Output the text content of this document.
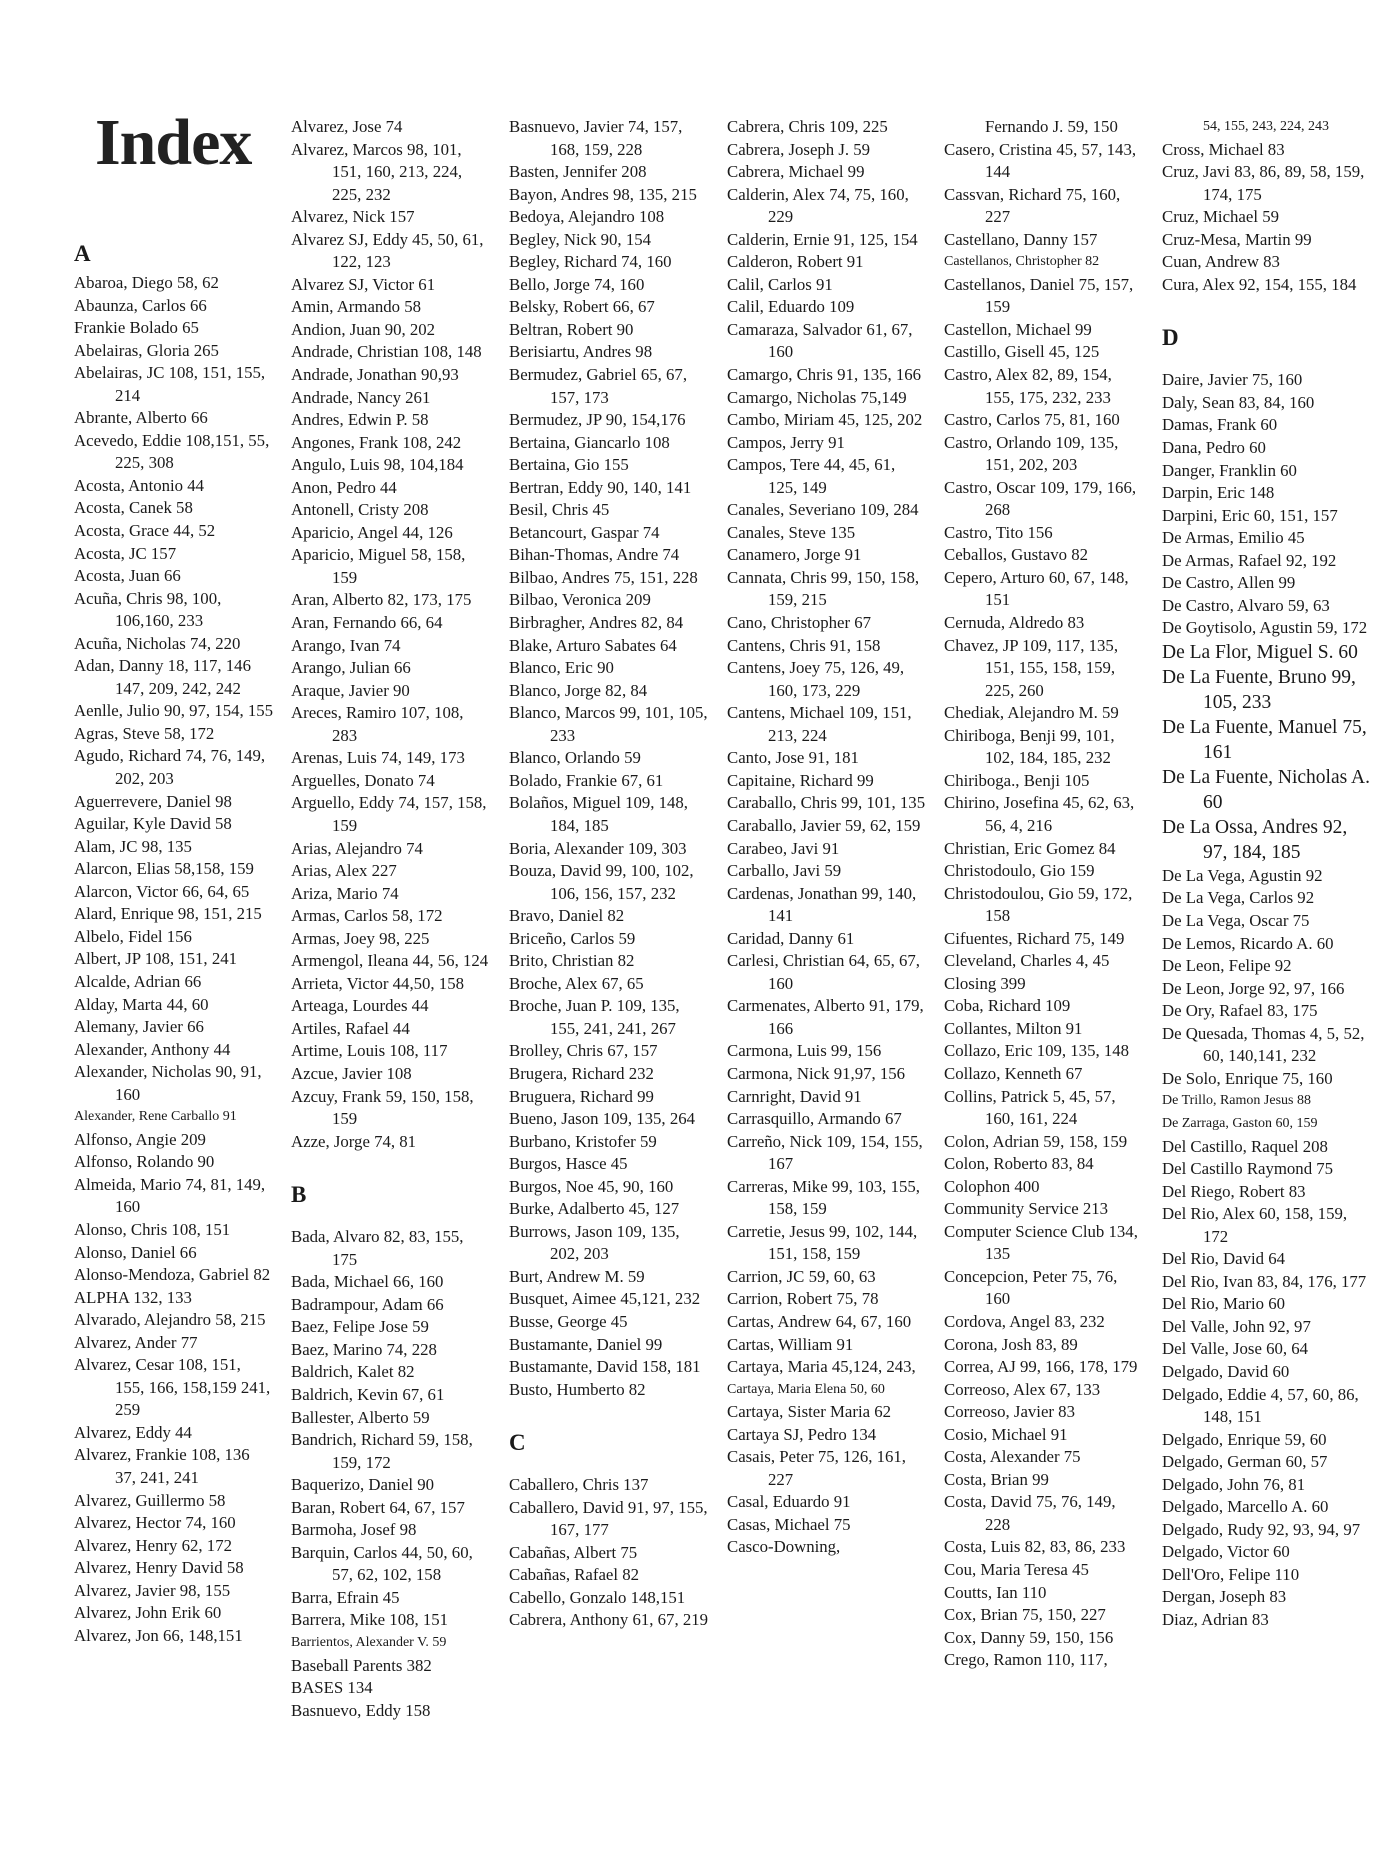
Index
A
Abaroa, Diego 58, 62
Abaunza, Carlos 66
Frankie Bolado 65
Abelairas, Gloria 265
Abelairas, JC 108, 151, 155, 214
Abrante, Alberto 66
Acevedo, Eddie 108,151, 55, 225, 308
Acosta, Antonio 44
Acosta, Canek 58
Acosta, Grace 44, 52
Acosta, JC 157
Acosta, Juan 66
Acuña, Chris 98, 100, 106,160, 233
Acuña, Nicholas 74, 220
Adan, Danny 18, 117, 146 147, 209, 242, 242
Aenlle, Julio 90, 97, 154, 155
Agras, Steve 58, 172
Agudo, Richard 74, 76, 149, 202, 203
Aguerrevere, Daniel 98
Aguilar, Kyle David 58
Alam, JC 98, 135
Alarcon, Elias 58,158, 159
Alarcon, Victor 66, 64, 65
Alard, Enrique 98, 151, 215
Albelo, Fidel 156
Albert, JP 108, 151, 241
Alcalde, Adrian 66
Alday, Marta 44, 60
Alemany, Javier 66
Alexander, Anthony 44
Alexander, Nicholas 90, 91, 160
Alexander, Rene Carballo 91
Alfonso, Angie 209
Alfonso, Rolando 90
Almeida, Mario 74, 81, 149, 160
Alonso, Chris 108, 151
Alonso, Daniel 66
Alonso-Mendoza, Gabriel 82
ALPHA 132, 133
Alvarado, Alejandro 58, 215
Alvarez, Ander 77
Alvarez, Cesar 108, 151, 155, 166, 158,159 241, 259
Alvarez, Eddy 44
Alvarez, Frankie 108, 136 37, 241, 241
Alvarez, Guillermo 58
Alvarez, Hector 74, 160
Alvarez, Henry 62, 172
Alvarez, Henry David 58
Alvarez, Javier 98, 155
Alvarez, John Erik 60
Alvarez, Jon 66, 148,151
Alvarez, Jose 74
Alvarez, Marcos 98, 101, 151, 160, 213, 224, 225, 232
Alvarez, Nick 157
Alvarez SJ, Eddy 45, 50, 61, 122, 123
Alvarez SJ, Victor 61
Amin, Armando 58
Andion, Juan 90, 202
Andrade, Christian 108, 148
Andrade, Jonathan 90,93
Andrade, Nancy 261
Andres, Edwin P. 58
Angones, Frank 108, 242
Angulo, Luis 98, 104,184
Anon, Pedro 44
Antonell, Cristy 208
Aparicio, Angel 44, 126
Aparicio, Miguel 58, 158, 159
Aran, Alberto 82, 173, 175
Aran, Fernando 66, 64
Arango, Ivan 74
Arango, Julian 66
Araque, Javier 90
Areces, Ramiro 107, 108, 283
Arenas, Luis 74, 149, 173
Arguelles, Donato 74
Arguello, Eddy 74, 157, 158, 159
Arias, Alejandro 74
Arias, Alex 227
Ariza, Mario 74
Armas, Carlos 58, 172
Armas, Joey 98, 225
Armengol, Ileana 44, 56, 124
Arrieta, Victor 44,50, 158
Arteaga, Lourdes 44
Artiles, Rafael 44
Artime, Louis 108, 117
Azcue, Javier 108
Azcuy, Frank 59, 150, 158, 159
Azze, Jorge 74, 81
B
Bada, Alvaro 82, 83, 155, 175
Bada, Michael 66, 160
Badrampour, Adam 66
Baez, Felipe Jose 59
Baez, Marino 74, 228
Baldrich, Kalet 82
Baldrich, Kevin 67, 61
Ballester, Alberto 59
Bandrich, Richard 59, 158, 159, 172
Baquerizo, Daniel 90
Baran, Robert 64, 67, 157
Barmoha, Josef 98
Barquin, Carlos 44, 50, 60, 57, 62, 102, 158
Barra, Efrain 45
Barrera, Mike 108, 151
Barrientos, Alexander V. 59
Baseball Parents 382
BASES 134
Basnuevo, Eddy 158
Basnuevo, Javier 74, 157, 168, 159, 228
Basten, Jennifer 208
Bayon, Andres 98, 135, 215
Bedoya, Alejandro 108
Begley, Nick 90, 154
Begley, Richard 74, 160
Bello, Jorge 74, 160
Belsky, Robert 66, 67
Beltran, Robert 90
Berisiartu, Andres 98
Bermudez, Gabriel 65, 67, 157, 173
Bermudez, JP 90, 154,176
Bertaina, Giancarlo 108
Bertaina, Gio 155
Bertran, Eddy 90, 140, 141
Besil, Chris 45
Betancourt, Gaspar 74
Bihan-Thomas, Andre 74
Bilbao, Andres 75, 151, 228
Bilbao, Veronica 209
Birbragher, Andres 82, 84
Blake, Arturo Sabates 64
Blanco, Eric 90
Blanco, Jorge 82, 84
Blanco, Marcos 99, 101, 105, 233
Blanco, Orlando 59
Bolado, Frankie 67, 61
Bolaños, Miguel 109, 148, 184, 185
Boria, Alexander 109, 303
Bouza, David 99, 100, 102, 106, 156, 157, 232
Bravo, Daniel 82
Briceño, Carlos 59
Brito, Christian 82
Broche, Alex 67, 65
Broche, Juan P. 109, 135, 155, 241, 241, 267
Brolley, Chris 67, 157
Brugera, Richard 232
Bruguera, Richard 99
Bueno, Jason 109, 135, 264
Burbano, Kristofer 59
Burgos, Hasce 45
Burgos, Noe 45, 90, 160
Burke, Adalberto 45, 127
Burrows, Jason 109, 135, 202, 203
Burt, Andrew M. 59
Busquet, Aimee 45,121, 232
Busse, George 45
Bustamante, Daniel 99
Bustamante, David 158, 181
Busto, Humberto 82
C
Caballero, Chris 137
Caballero, David 91, 97, 155, 167, 177
Cabañas, Albert 75
Cabañas, Rafael 82
Cabello, Gonzalo 148,151
Cabrera, Anthony 61, 67, 219
Cabrera, Chris 109, 225
Cabrera, Joseph J. 59
Cabrera, Michael 99
Calderin, Alex 74, 75, 160, 229
Calderin, Ernie 91, 125, 154
Calderon, Robert 91
Calil, Carlos 91
Calil, Eduardo 109
Camaraza, Salvador 61, 67, 160
Camargo, Chris 91, 135, 166
Camargo, Nicholas 75,149
Cambo, Miriam 45, 125, 202
Campos, Jerry 91
Campos, Tere 44, 45, 61, 125, 149
Canales, Severiano 109, 284
Canales, Steve 135
Canamero, Jorge 91
Cannata, Chris 99, 150, 158, 159, 215
Cano, Christopher 67
Cantens, Chris 91, 158
Cantens, Joey 75, 126, 49, 160, 173, 229
Cantens, Michael 109, 151, 213, 224
Canto, Jose 91, 181
Capitaine, Richard 99
Caraballo, Chris 99, 101, 135
Caraballo, Javier 59, 62, 159
Carabeo, Javi 91
Carballo, Javi 59
Cardenas, Jonathan 99, 140, 141
Caridad, Danny 61
Carlesi, Christian 64, 65, 67, 160
Carmenates, Alberto 91, 179, 166
Carmona, Luis 99, 156
Carmona, Nick 91,97, 156
Carnright, David 91
Carrasquillo, Armando 67
Carreño, Nick 109, 154, 155, 167
Carreras, Mike 99, 103, 155, 158, 159
Carretie, Jesus 99, 102, 144, 151, 158, 159
Carrion, JC 59, 60, 63
Carrion, Robert 75, 78
Cartas, Andrew 64, 67, 160
Cartas, William 91
Cartaya, Maria 45,124, 243,
Cartaya, Maria Elena 50, 60
Cartaya, Sister Maria 62
Cartaya SJ, Pedro 134
Casais, Peter 75, 126, 161, 227
Casal, Eduardo 91
Casas, Michael 75
Casco-Downing,
Fernando J. 59, 150
Casero, Cristina 45, 57, 143, 144
Cassvan, Richard 75, 160, 227
Castellano, Danny 157
Castellanos, Christopher 82
Castellanos, Daniel 75, 157, 159
Castellon, Michael 99
Castillo, Gisell 45, 125
Castro, Alex 82, 89, 154, 155, 175, 232, 233
Castro, Carlos 75, 81, 160
Castro, Orlando 109, 135, 151, 202, 203
Castro, Oscar 109, 179, 166, 268
Castro, Tito 156
Ceballos, Gustavo 82
Cepero, Arturo 60, 67, 148, 151
Cernuda, Aldredo 83
Chavez, JP 109, 117, 135, 151, 155, 158, 159, 225, 260
Chediak, Alejandro M. 59
Chiriboga, Benji 99, 101, 102, 184, 185, 232
Chiriboga., Benji 105
Chirino, Josefina 45, 62, 63, 56, 4, 216
Christian, Eric Gomez 84
Christodoulo, Gio 159
Christodoulou, Gio 59, 172, 158
Cifuentes, Richard 75, 149
Cleveland, Charles 4, 45
Closing 399
Coba, Richard 109
Collantes, Milton 91
Collazo, Eric 109, 135, 148
Collazo, Kenneth 67
Collins, Patrick 5, 45, 57, 160, 161, 224
Colon, Adrian 59, 158, 159
Colon, Roberto 83, 84
Colophon 400
Community Service 213
Computer Science Club 134, 135
Concepcion, Peter 75, 76, 160
Cordova, Angel 83, 232
Corona, Josh 83, 89
Correa, AJ 99, 166, 178, 179
Correoso, Alex 67, 133
Correoso, Javier 83
Cosio, Michael 91
Costa, Alexander 75
Costa, Brian 99
Costa, David 75, 76, 149, 228
Costa, Luis 82, 83, 86, 233
Cou, Maria Teresa 45
Coutts, Ian 110
Cox, Brian 75, 150, 227
Cox, Danny 59, 150, 156
Crego, Ramon 110, 117,
54, 155, 243, 224, 243
Cross, Michael 83
Cruz, Javi 83, 86, 89, 58, 159, 174, 175
Cruz, Michael 59
Cruz-Mesa, Martin 99
Cuan, Andrew 83
Cura, Alex 92, 154, 155, 184
D
Daire, Javier 75, 160
Daly, Sean 83, 84, 160
Damas, Frank 60
Dana, Pedro 60
Danger, Franklin 60
Darpin, Eric 148
Darpini, Eric 60, 151, 157
De Armas, Emilio 45
De Armas, Rafael 92, 192
De Castro, Allen 99
De Castro, Alvaro 59, 63
De Goytisolo, Agustin 59, 172
De La Flor, Miguel S. 60
De La Fuente, Bruno 99, 105, 233
De La Fuente, Manuel 75, 161
De La Fuente, Nicholas A. 60
De La Ossa, Andres 92, 97, 184, 185
De La Vega, Agustin 92
De La Vega, Carlos 92
De La Vega, Oscar 75
De Lemos, Ricardo A. 60
De Leon, Felipe 92
De Leon, Jorge 92, 97, 166
De Ory, Rafael 83, 175
De Quesada, Thomas 4, 5, 52, 60, 140,141, 232
De Solo, Enrique 75, 160
De Trillo, Ramon Jesus 88
De Zarraga, Gaston 60, 159
Del Castillo, Raquel 208
Del Castillo Raymond 75
Del Riego, Robert 83
Del Rio, Alex 60, 158, 159, 172
Del Rio, David 64
Del Rio, Ivan 83, 84, 176, 177
Del Rio, Mario 60
Del Valle, John 92, 97
Del Valle, Jose 60, 64
Delgado, David 60
Delgado, Eddie 4, 57, 60, 86, 148, 151
Delgado, Enrique 59, 60
Delgado, German 60, 57
Delgado, John 76, 81
Delgado, Marcello A. 60
Delgado, Rudy 92, 93, 94, 97
Delgado, Victor 60
Dell'Oro, Felipe 110
Dergan, Joseph 83
Diaz, Adrian 83
